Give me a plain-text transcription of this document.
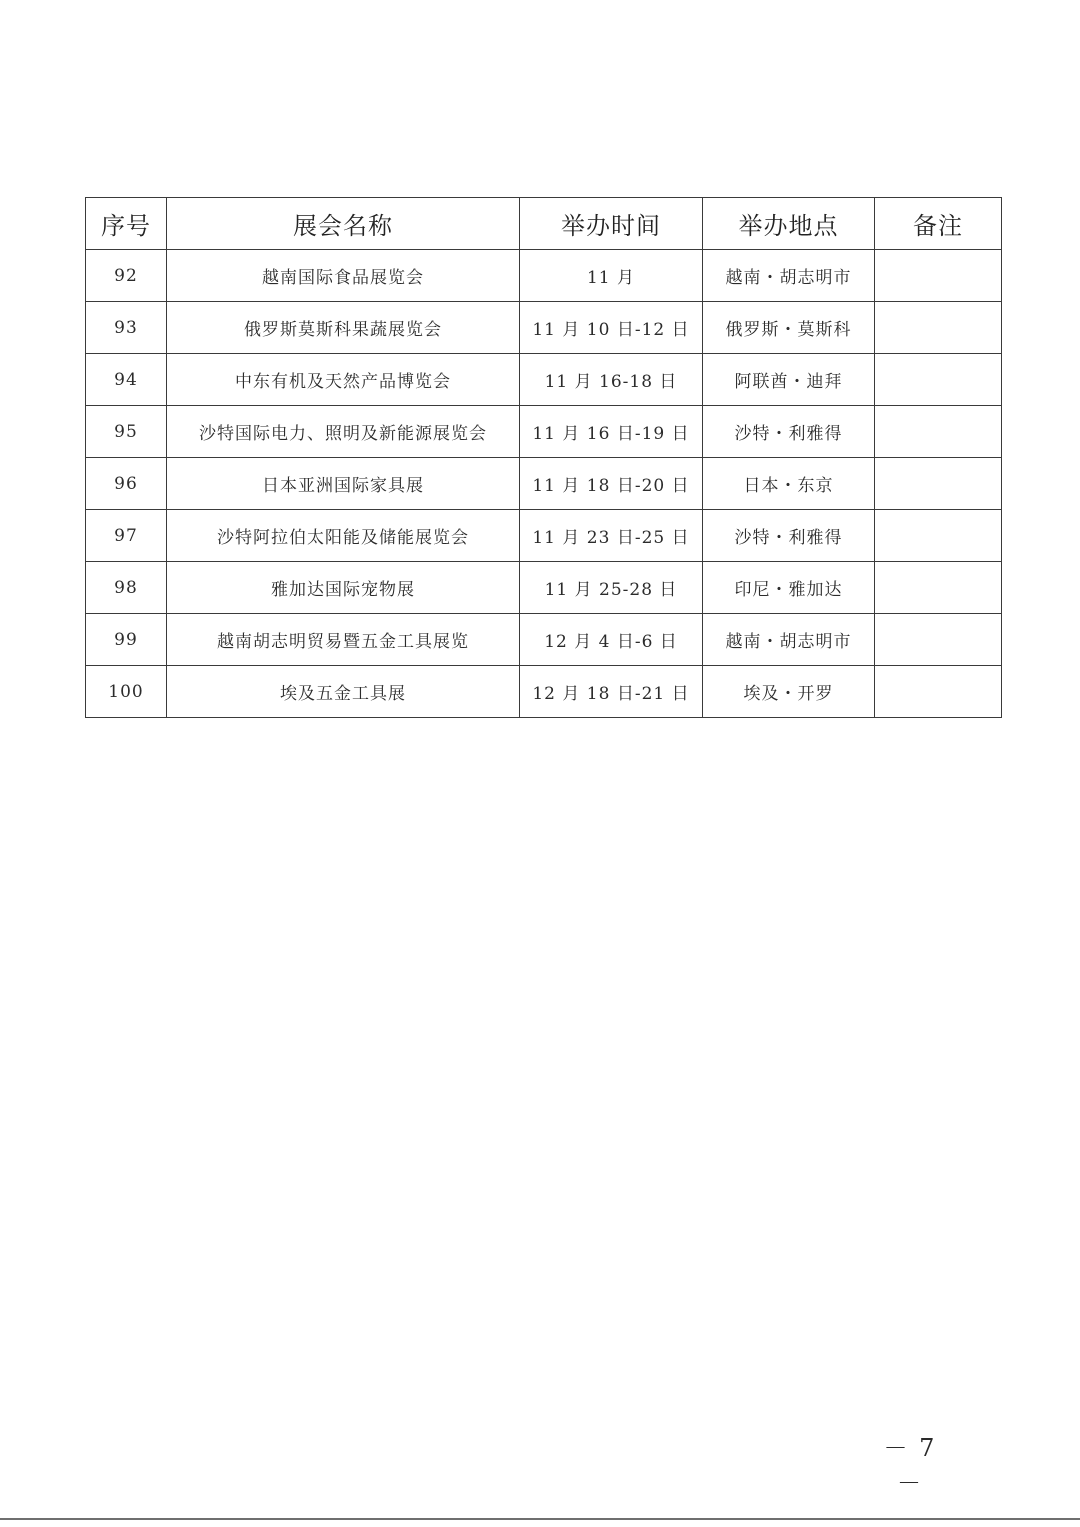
序号	展会名称	举办时间	举办地点	备注
92	越南国际食品展览会	11 月	越南・胡志明市	
93	俄罗斯莫斯科果蔬展览会	11 月 10 日-12 日	俄罗斯・莫斯科	
94	中东有机及天然产品博览会	11 月 16-18 日	阿联酋・迪拜	
95	沙特国际电力、照明及新能源展览会	11 月 16 日-19 日	沙特・利雅得	
96	日本亚洲国际家具展	11 月 18 日-20 日	日本・东京	
97	沙特阿拉伯太阳能及储能展览会	11 月 23 日-25 日	沙特・利雅得	
98	雅加达国际宠物展	11 月 25-28 日	印尼・雅加达	
99	越南胡志明贸易暨五金工具展览	12 月 4 日-6 日	越南・胡志明市	
100	埃及五金工具展	12 月 18 日-21 日	埃及・开罗	
－ 7 －
